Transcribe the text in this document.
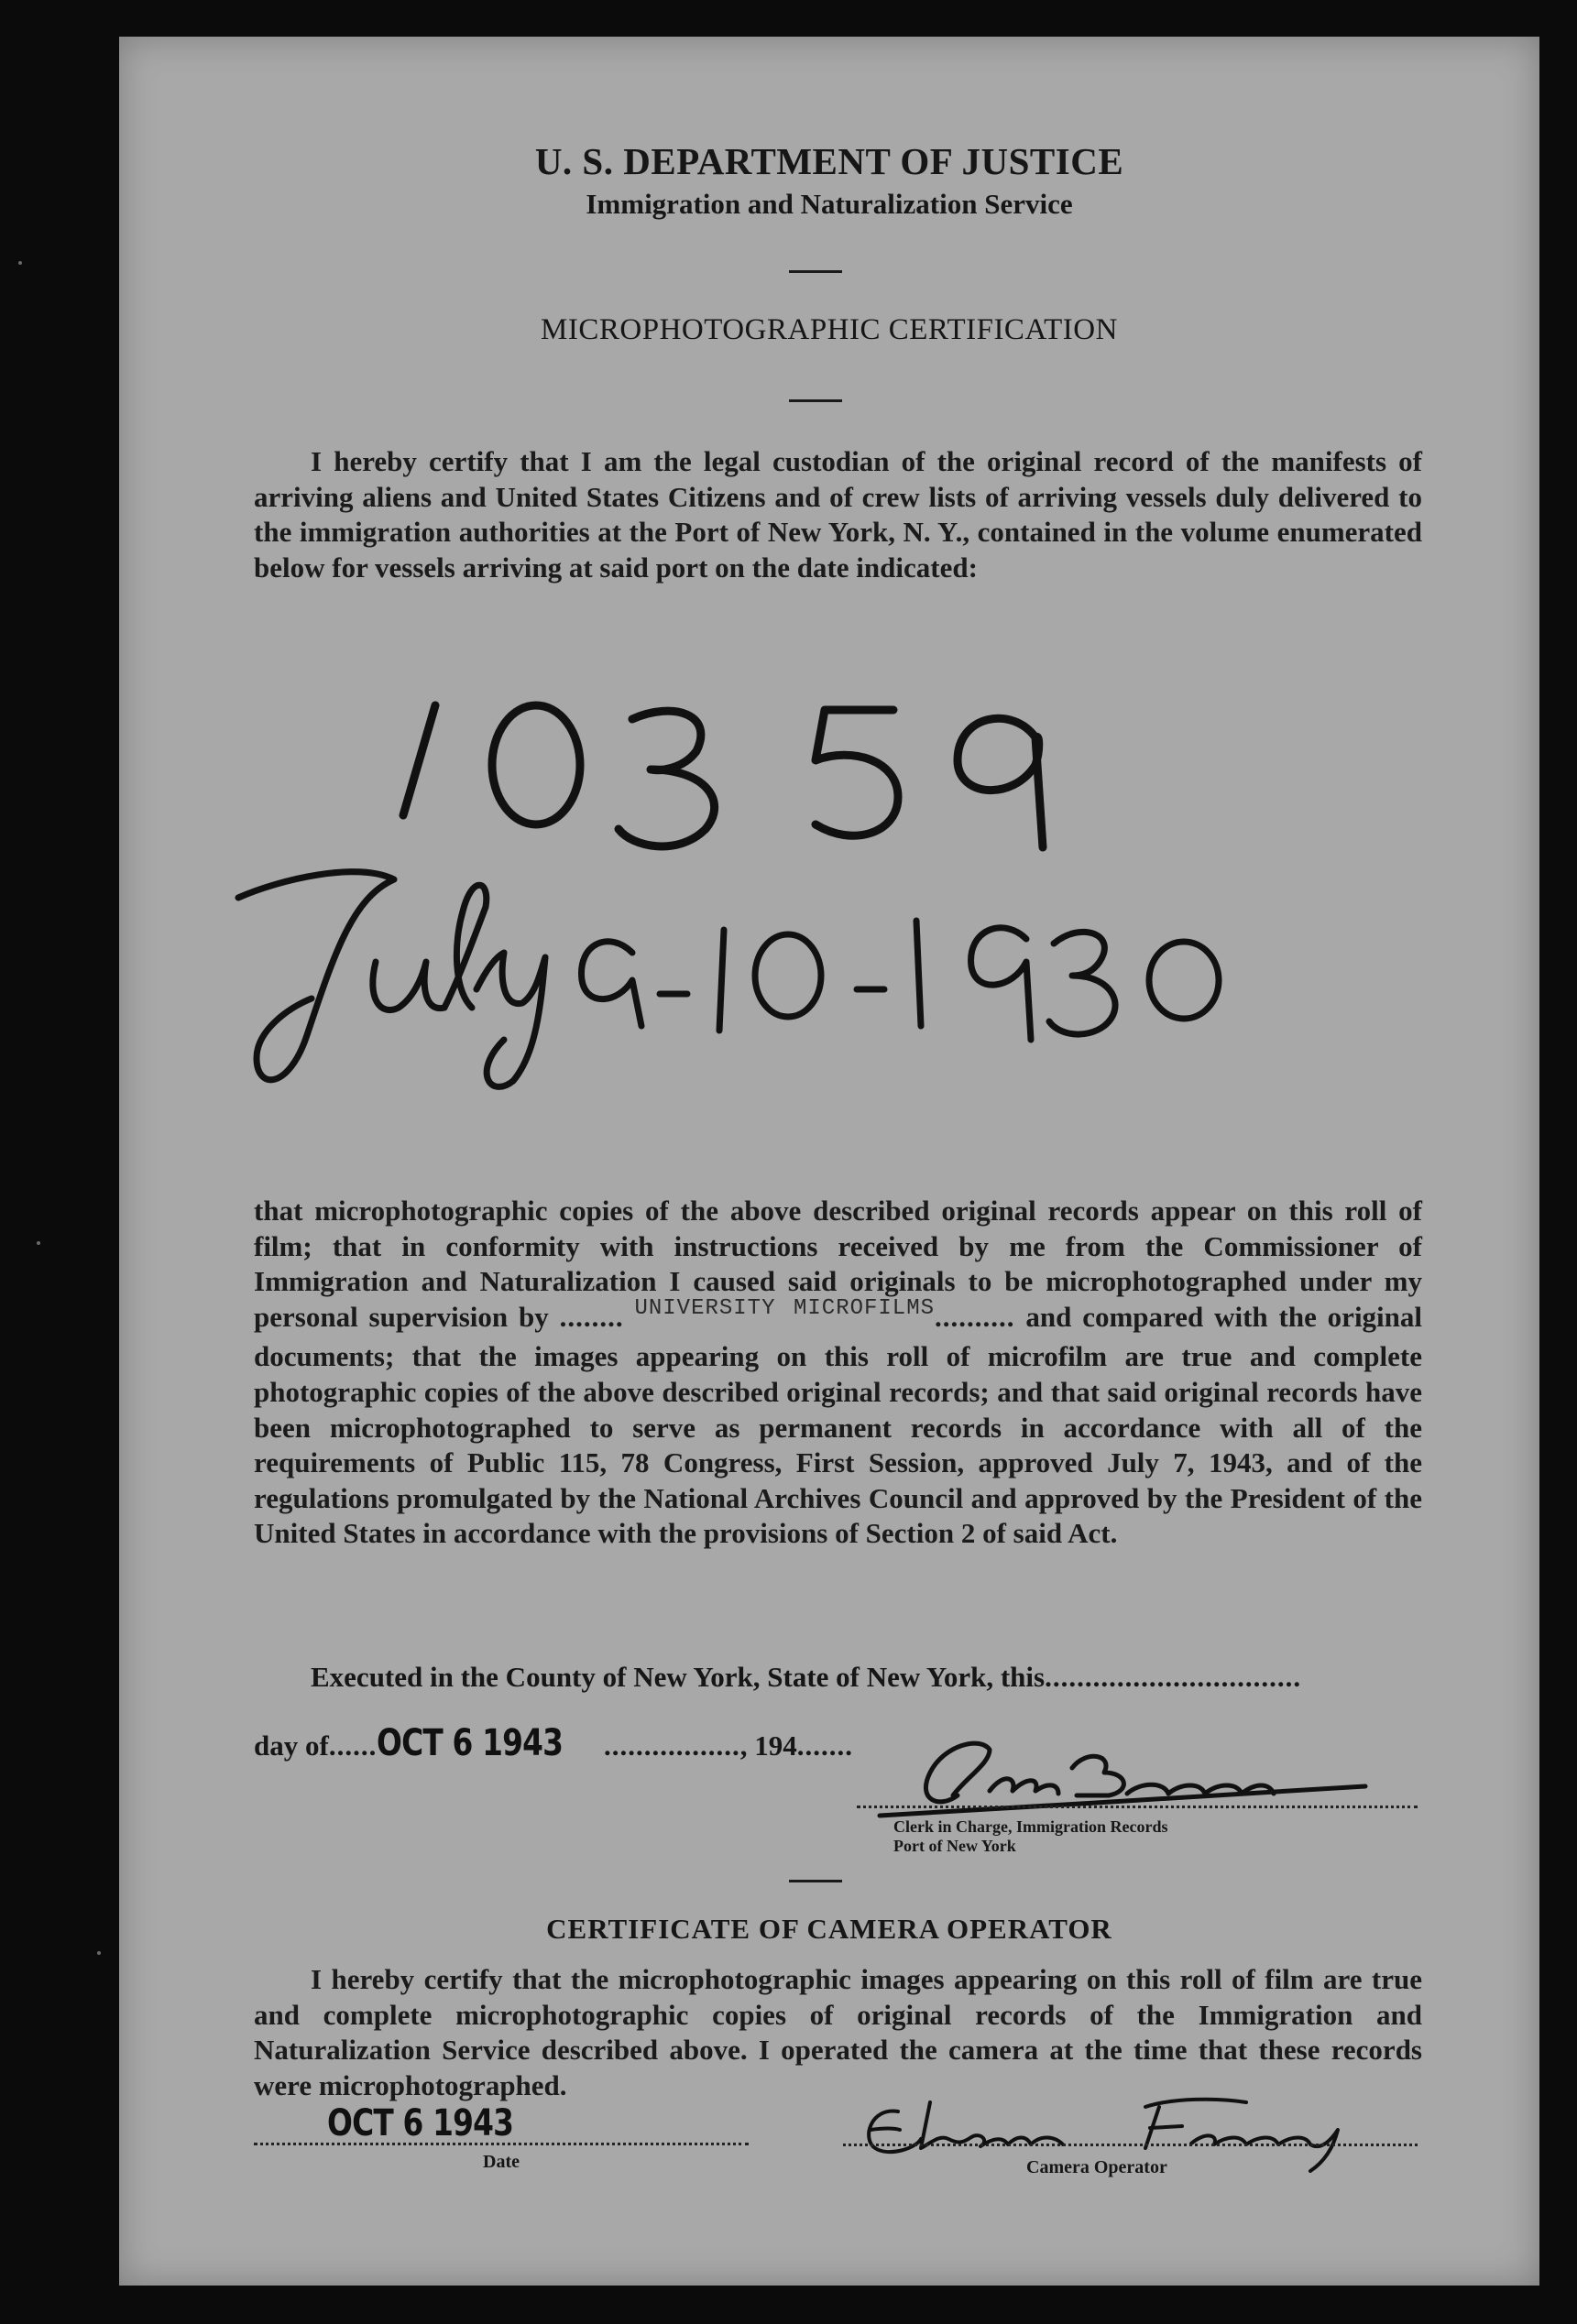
U. S. DEPARTMENT OF JUSTICE
Immigration and Naturalization Service
MICROPHOTOGRAPHIC CERTIFICATION
I hereby certify that I am the legal custodian of the original record of the manifests of arriving aliens and United States Citizens and of crew lists of arriving vessels duly delivered to the immigration authorities at the Port of New York, N. Y., contained in the volume enumerated below for vessels arriving at said port on the date indicated:
that microphotographic copies of the above described original records appear on this roll of film; that in conformity with instructions received by me from the Commissioner of Immigration and Naturalization I caused said originals to be microphotographed under my personal supervision by ........ $^{UNIVERSITY MICROFILMS}$.......... and compared with the original documents; that the images appearing on this roll of microfilm are true and complete photographic copies of the above described original records; and that said original records have been microphotographed to serve as permanent records in accordance with all of the requirements of Public 115, 78 Congress, First Session, approved July 7, 1943, and of the regulations promulgated by the National Archives Council and approved by the President of the United States in accordance with the provisions of Section 2 of said Act.
Executed in the County of New York, State of New York, this................................
day of......OCT 6 1943 ................., 194.......
Clerk in Charge, Immigration Records
Port of New York
CERTIFICATE OF CAMERA OPERATOR
I hereby certify that the microphotographic images appearing on this roll of film are true and complete microphotographic copies of original records of the Immigration and Naturalization Service described above. I operated the camera at the time that these records were microphotographed.
OCT 6 1943
Date	Camera Operator
